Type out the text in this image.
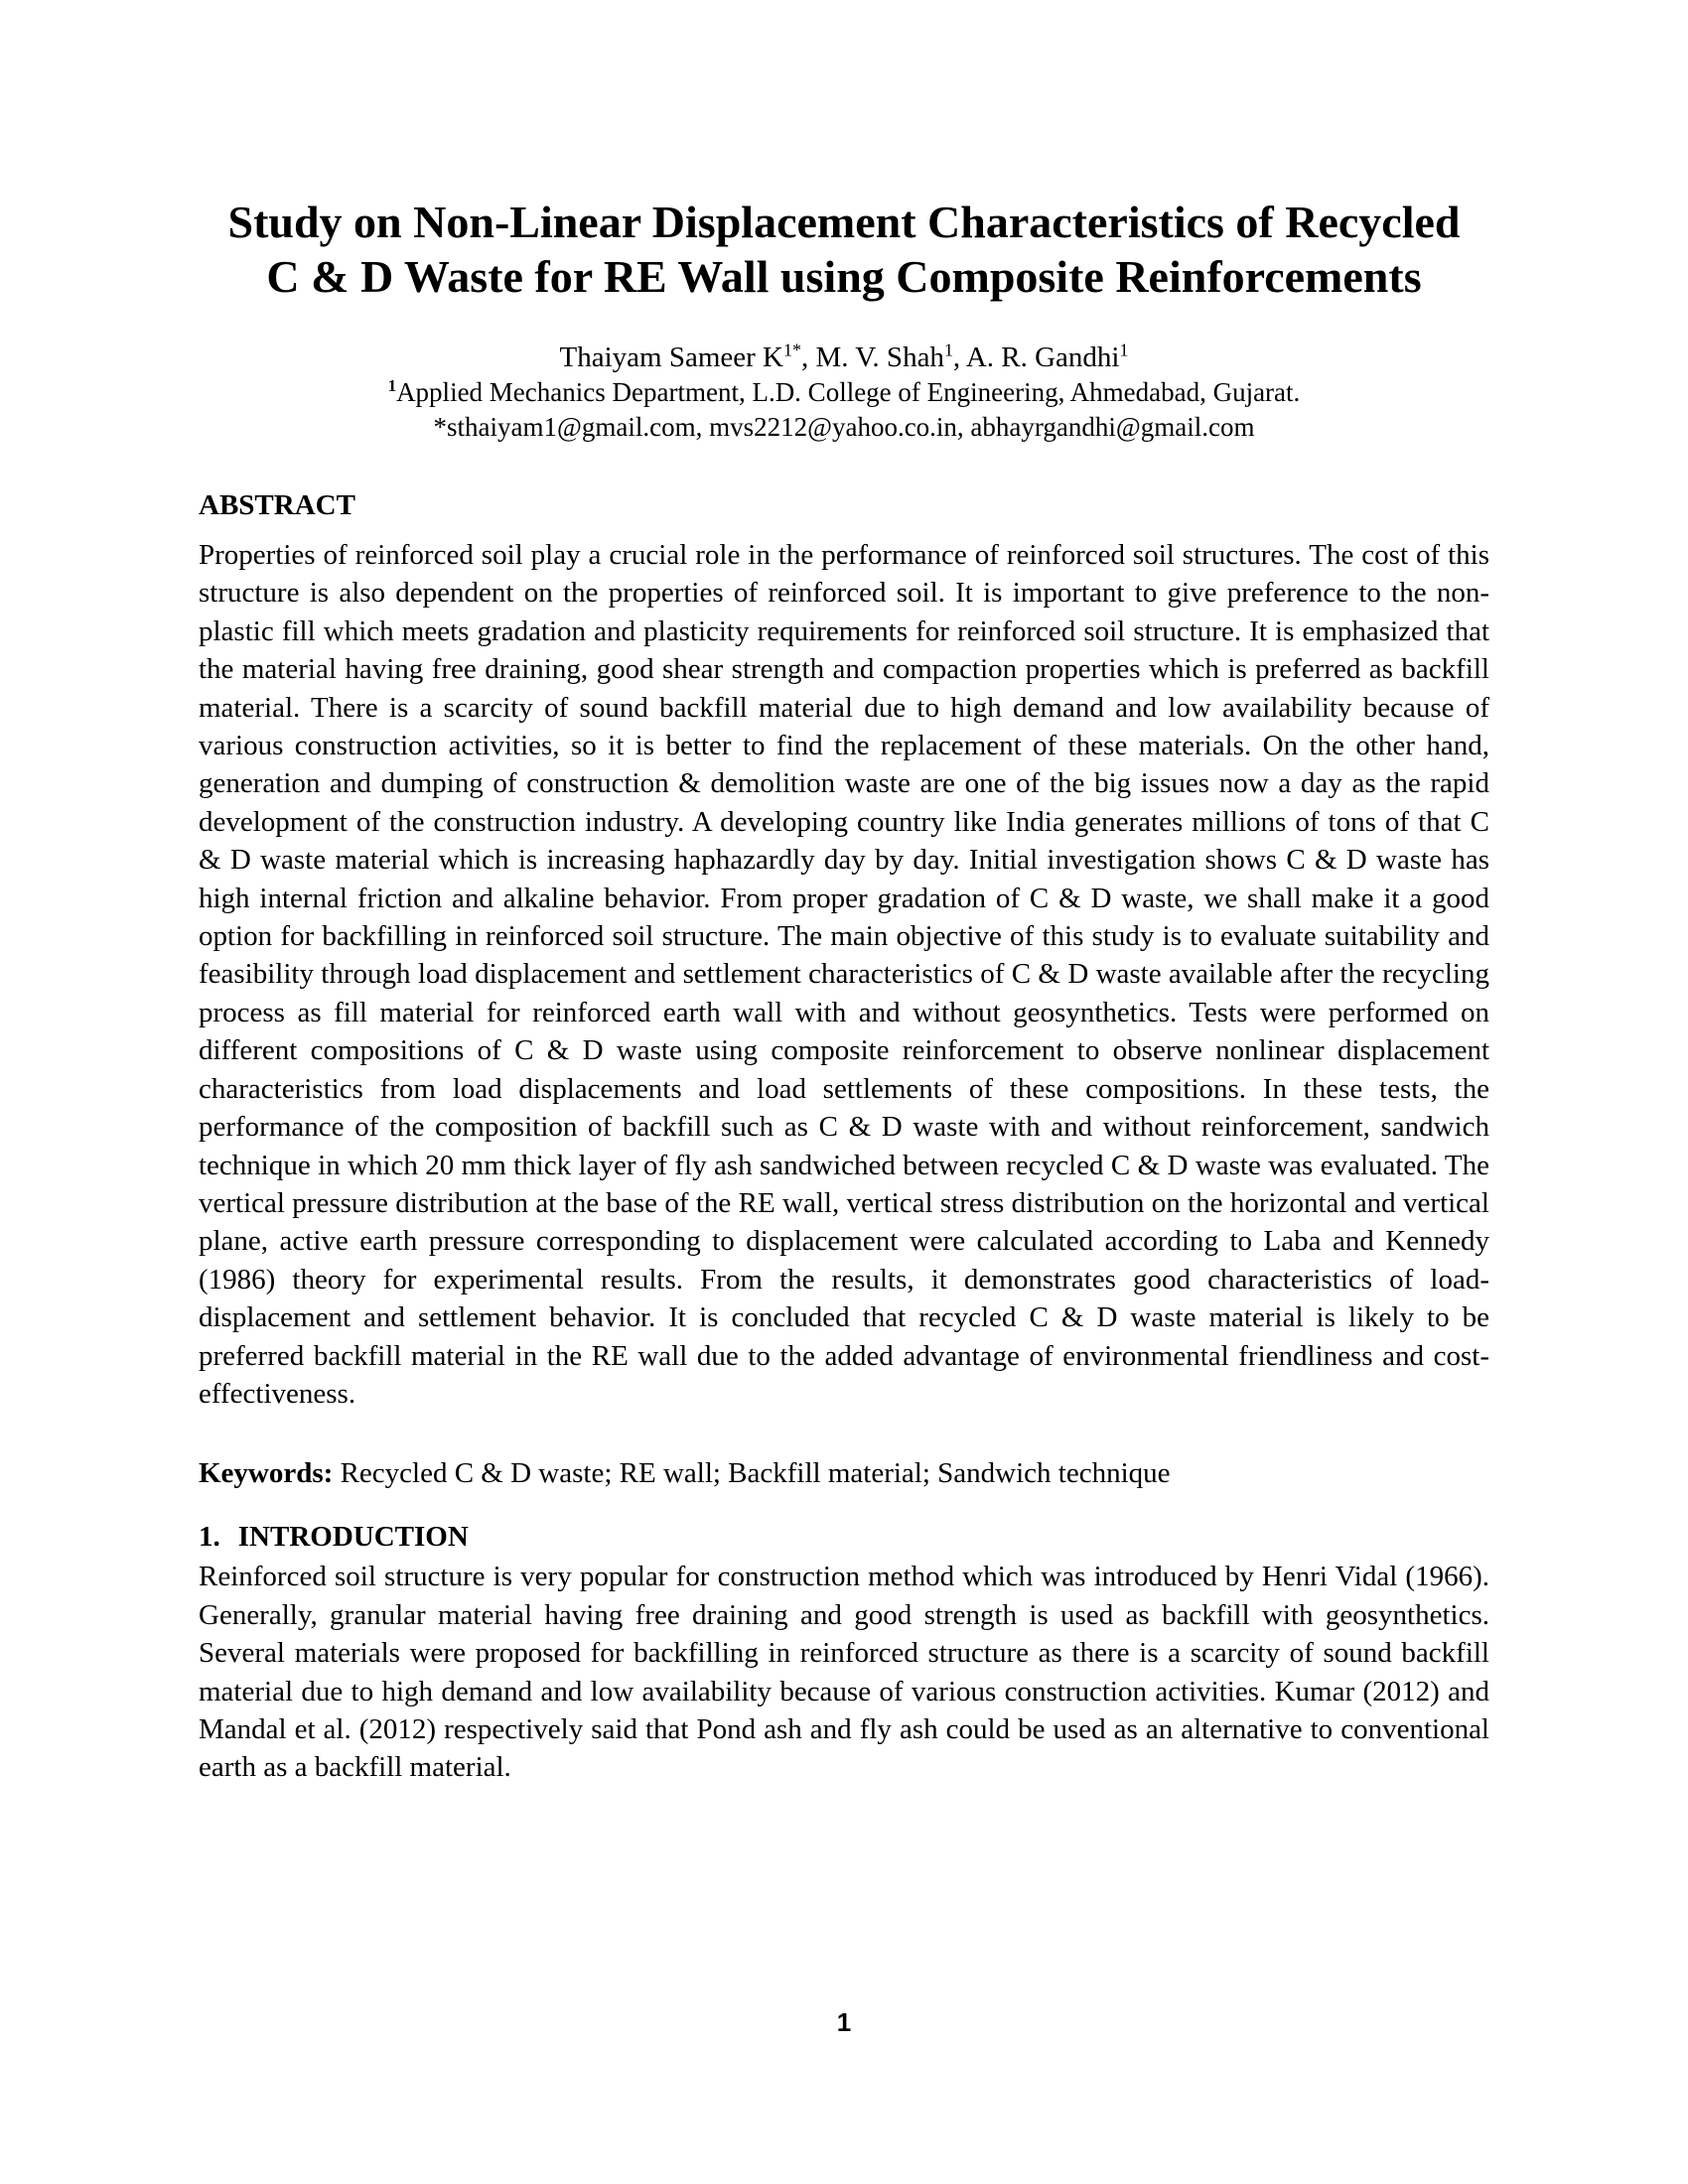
Study on Non-Linear Displacement Characteristics of Recycled
C & D Waste for RE Wall using Composite Reinforcements
Thaiyam Sameer $K^{1*}$, M. V. Shah$^1$, A. R. Gandhi$^1$
$^1$Applied Mechanics Department, L.D. College of Engineering, Ahmedabad, Gujarat.
*sthaiyam1@gmail.com, mvs2212@yahoo.co.in, abhayrgandhi@gmail.com
ABSTRACT

Properties of reinforced soil play a crucial role in the performance of reinforced soil structures. The cost of this structure is also dependent on the properties of reinforced soil. It is important to give preference to the non-plastic fill which meets gradation and plasticity requirements for reinforced soil structure. It is emphasized that the material having free draining, good shear strength and compaction properties which is preferred as backfill material. There is a scarcity of sound backfill material due to high demand and low availability because of various construction activities, so it is better to find the replacement of these materials. On the other hand, generation and dumping of construction & demolition waste are one of the big issues now a day as the rapid development of the construction industry. A developing country like India generates millions of tons of that C & D waste material which is increasing haphazardly day by day. Initial investigation shows C & D waste has high internal friction and alkaline behavior. From proper gradation of C & D waste, we shall make it a good option for backfilling in reinforced soil structure. The main objective of this study is to evaluate suitability and feasibility through load displacement and settlement characteristics of C & D waste available after the recycling process as fill material for reinforced earth wall with and without geosynthetics. Tests were performed on different compositions of C & D waste using composite reinforcement to observe nonlinear displacement characteristics from load displacements and load settlements of these compositions. In these tests, the performance of the composition of backfill such as C & D waste with and without reinforcement, sandwich technique in which 20 mm thick layer of fly ash sandwiched between recycled C & D waste was evaluated. The vertical pressure distribution at the base of the RE wall, vertical stress distribution on the horizontal and vertical plane, active earth pressure corresponding to displacement were calculated according to Laba and Kennedy (1986) theory for experimental results. From the results, it demonstrates good characteristics of load-displacement and settlement behavior. It is concluded that recycled C & D waste material is likely to be preferred backfill material in the RE wall due to the added advantage of environmental friendliness and cost-effectiveness.

Keywords: Recycled C & D waste; RE wall; Backfill material; Sandwich technique
1. INTRODUCTION

Reinforced soil structure is very popular for construction method which was introduced by Henri Vidal (1966). Generally, granular material having free draining and good strength is used as backfill with geosynthetics. Several materials were proposed for backfilling in reinforced structure as there is a scarcity of sound backfill material due to high demand and low availability because of various construction activities. Kumar (2012) and Mandal et al. (2012) respectively said that Pond ash and fly ash could be used as an alternative to conventional earth as a backfill material.

1
